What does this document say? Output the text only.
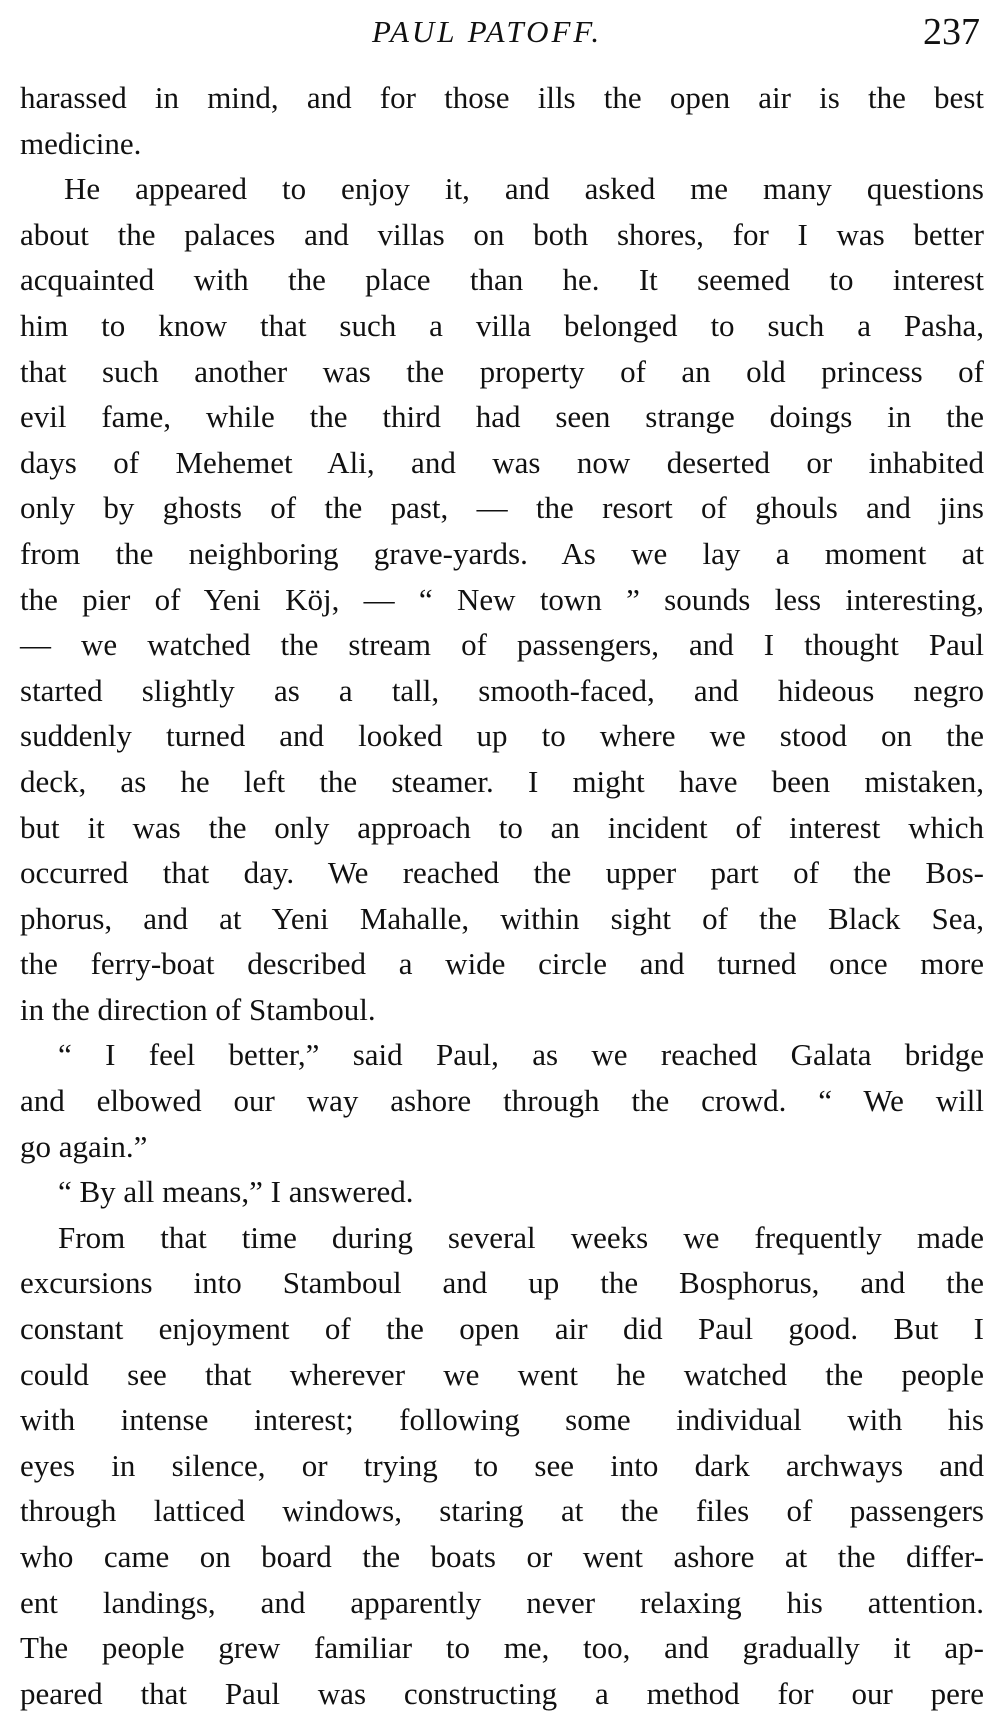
PAUL PATOFF.	237
harassed in mind, and for those ills the open air is the best
medicine.
He appeared to enjoy it, and asked me many questions
about the palaces and villas on both shores, for I was better
acquainted with the place than he. It seemed to interest
him to know that such a villa belonged to such a Pasha,
that such another was the property of an old princess of
evil fame, while the third had seen strange doings in the
days of Mehemet Ali, and was now deserted or inhabited
only by ghosts of the past, — the resort of ghouls and jins
from the neighboring grave-yards. As we lay a moment at
the pier of Yeni Köj, — “ New town ” sounds less interesting,
— we watched the stream of passengers, and I thought Paul
started slightly as a tall, smooth-faced, and hideous negro
suddenly turned and looked up to where we stood on the
deck, as he left the steamer. I might have been mistaken,
but it was the only approach to an incident of interest which
occurred that day. We reached the upper part of the Bos-
phorus, and at Yeni Mahalle, within sight of the Black Sea,
the ferry-boat described a wide circle and turned once more
in the direction of Stamboul.
“ I feel better,” said Paul, as we reached Galata bridge
and elbowed our way ashore through the crowd. “ We will
go again.”
“ By all means,” I answered.
From that time during several weeks we frequently made
excursions into Stamboul and up the Bosphorus, and the
constant enjoyment of the open air did Paul good. But I
could see that wherever we went he watched the people
with intense interest; following some individual with his
eyes in silence, or trying to see into dark archways and
through latticed windows, staring at the files of passengers
who came on board the boats or went ashore at the differ-
ent landings, and apparently never relaxing his attention.
The people grew familiar to me, too, and gradually it ap-
peared that Paul was constructing a method for our pere
